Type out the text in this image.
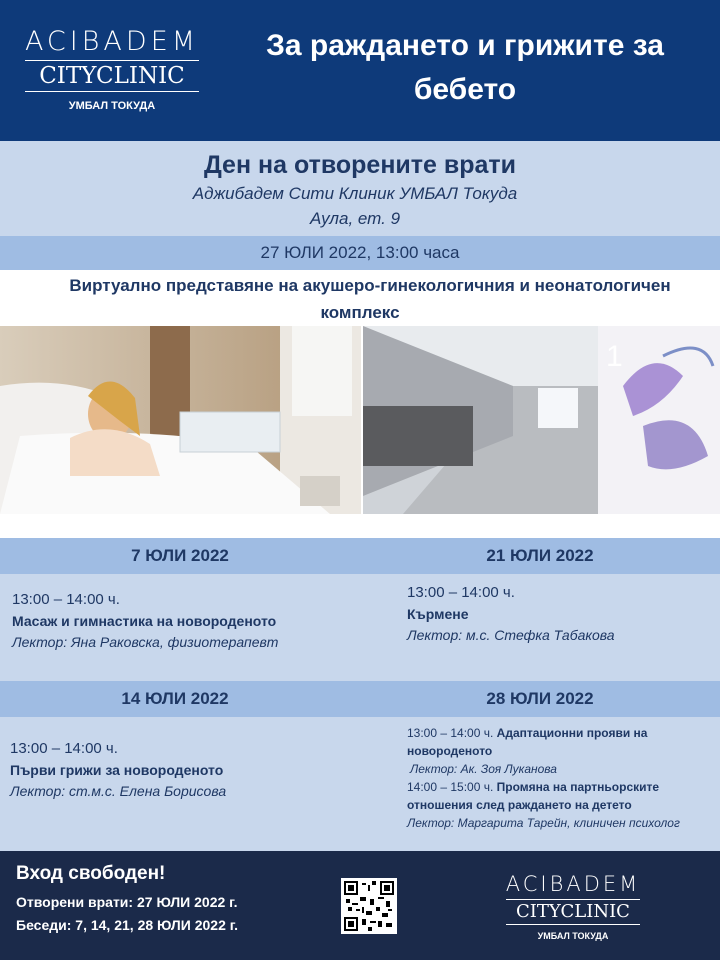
ACIBADEM
CITYCLINIC
УМБАЛ ТОКУДА
За раждането и грижите за
бебето
Ден на отворените врати
Аджибадем Сити Клиник УМБАЛ Токуда
Аула, ет. 9
27 ЮЛИ 2022, 13:00 часа
Виртуално представяне на акушеро-гинекологичния и неонатологичен
комплекс
1
7 ЮЛИ 2022
13:00 – 14:00 ч.
Масаж и гимнастика на новороденото
Лектор: Яна Раковска, физиотерапевт
21 ЮЛИ 2022
13:00 – 14:00 ч.
Кърмене
Лектор: м.с. Стефка Табакова
14 ЮЛИ 2022
13:00 – 14:00 ч.
Първи грижи за новороденото
Лектор: ст.м.с. Елена Борисова
28 ЮЛИ 2022
13:00 – 14:00 ч. Адаптационни прояви на
новороденото
Лектор: Ак. Зоя Луканова
14:00 – 15:00 ч. Промяна на партньорските
отношения след раждането на детето
Лектор: Маргарита Тарейн, клиничен психолог
Вход свободен!
Отворени врати: 27 ЮЛИ 2022 г.
Беседи: 7, 14, 21, 28 ЮЛИ 2022 г.
ACIBADEM
CITYCLINIC
УМБАЛ ТОКУДА
